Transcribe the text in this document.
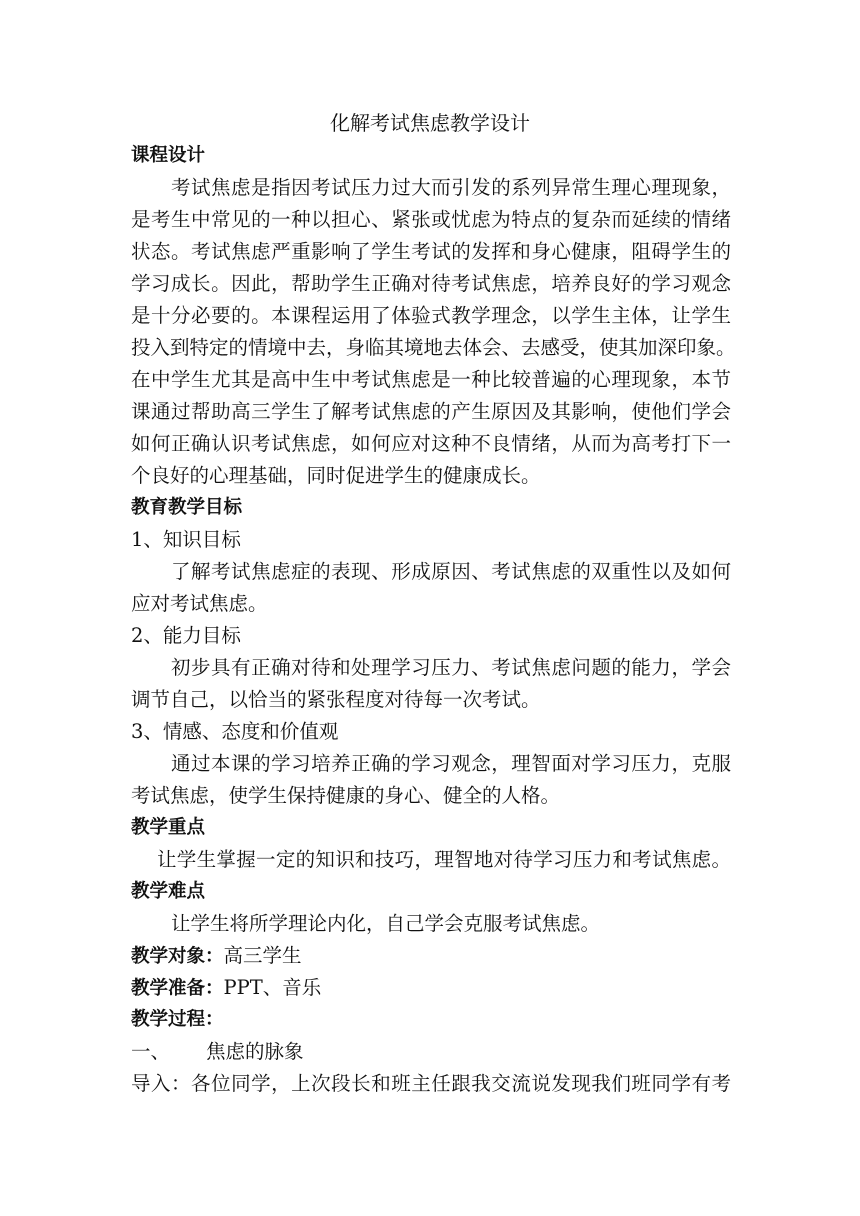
化解考试焦虑教学设计
课程设计
考试焦虑是指因考试压力过大而引发的系列异常生理心理现象，
是考生中常见的一种以担心、紧张或忧虑为特点的复杂而延续的情绪
状态。考试焦虑严重影响了学生考试的发挥和身心健康，阻碍学生的
学习成长。因此，帮助学生正确对待考试焦虑，培养良好的学习观念
是十分必要的。本课程运用了体验式教学理念，以学生主体，让学生
投入到特定的情境中去，身临其境地去体会、去感受，使其加深印象。
在中学生尤其是高中生中考试焦虑是一种比较普遍的心理现象，本节
课通过帮助高三学生了解考试焦虑的产生原因及其影响，使他们学会
如何正确认识考试焦虑，如何应对这种不良情绪，从而为高考打下一
个良好的心理基础，同时促进学生的健康成长。
教育教学目标
1、知识目标
了解考试焦虑症的表现、形成原因、考试焦虑的双重性以及如何
应对考试焦虑。
2、能力目标
初步具有正确对待和处理学习压力、考试焦虑问题的能力，学会
调节自己，以恰当的紧张程度对待每一次考试。
3、情感、态度和价值观
通过本课的学习培养正确的学习观念，理智面对学习压力，克服
考试焦虑，使学生保持健康的身心、健全的人格。
教学重点
让学生掌握一定的知识和技巧，理智地对待学习压力和考试焦虑。
教学难点
让学生将所学理论内化，自己学会克服考试焦虑。
教学对象：高三学生
教学准备：PPT、音乐
教学过程：
一、 焦虑的脉象
导入：各位同学，上次段长和班主任跟我交流说发现我们班同学有考
